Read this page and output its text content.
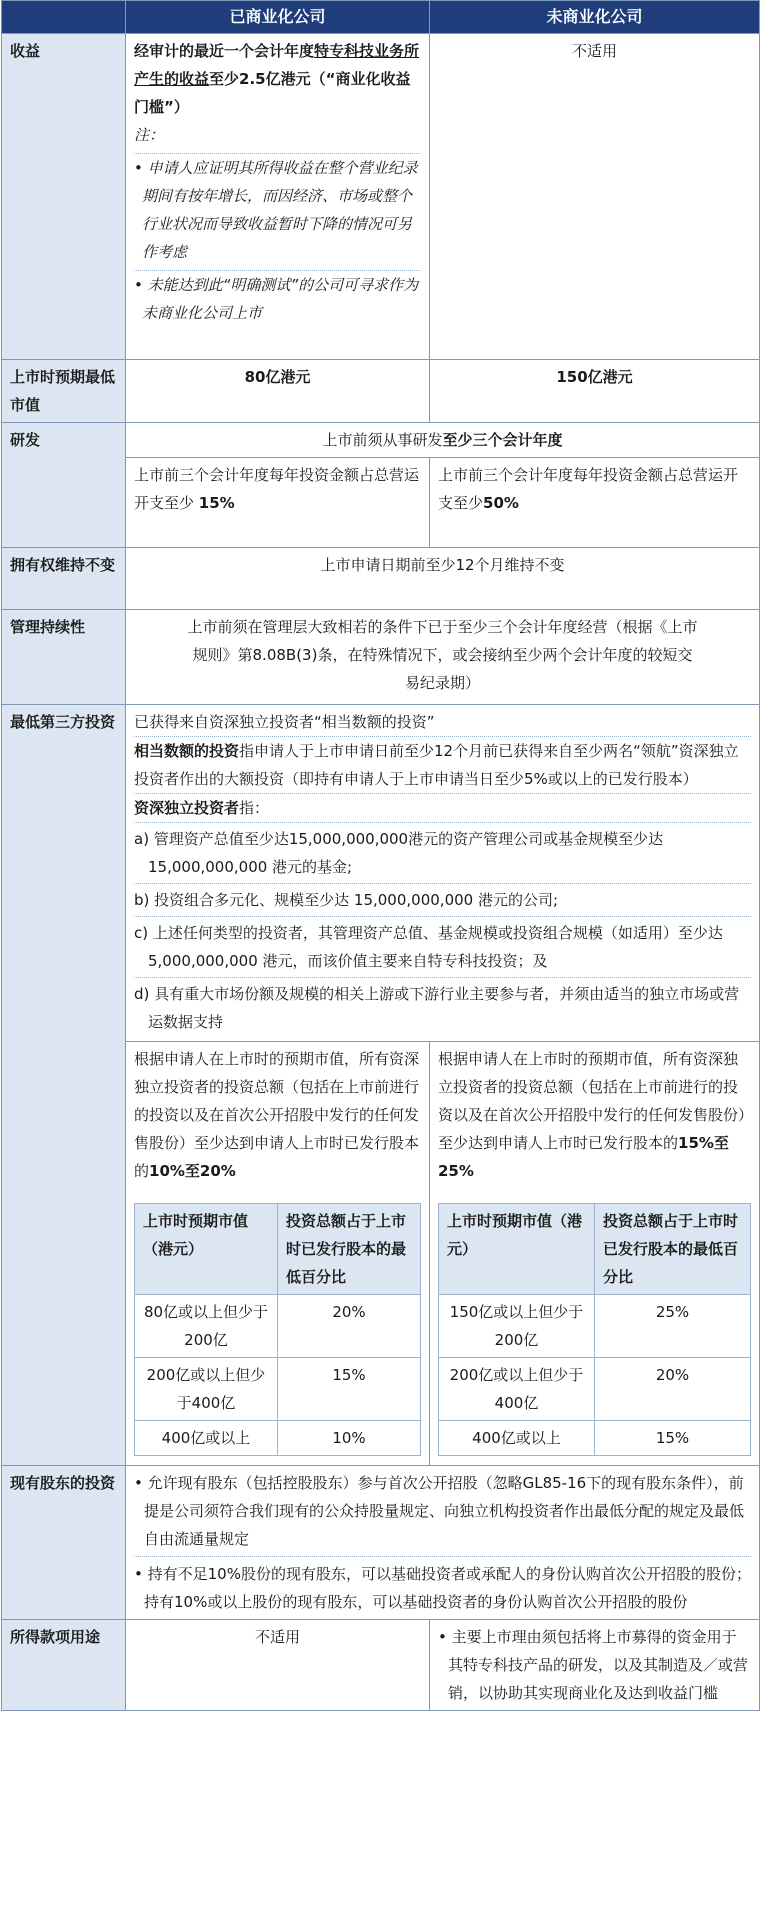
	已商业化公司	未商业化公司
收益	经审计的最近一个会计年度特专科技业务所产生的收益至少2.5亿港元（“商业化收益门槛”）
注：
• 申请人应证明其所得收益在整个营业纪录期间有按年增长，而因经济、市场或整个行业状况而导致收益暂时下降的情况可另作考虑
• 未能达到此“明确测试”的公司可寻求作为未商业化公司上市
	不适用
上市时预期最低市值	80亿港元	150亿港元
研发	上市前须从事研发至少三个会计年度
上市前三个会计年度每年投资金额占总营运开支至少 15%	上市前三个会计年度每年投资金额占总营运开支至少50%
拥有权维持不变	上市申请日期前至少12个月维持不变
管理持续性	上市前须在管理层大致相若的条件下已于至少三个会计年度经营（根据《上市规则》第8.08B(3)条，在特殊情况下，或会接纳至少两个会计年度的较短交易纪录期）
最低第三方投资	已获得来自资深独立投资者“相当数额的投资”
相当数额的投资指申请人于上市申请日前至少12个月前已获得来自至少两名“领航”资深独立投资者作出的大额投资（即持有申请人于上市申请当日至少5%或以上的已发行股本）
资深独立投资者指：
a) 管理资产总值至少达15,000,000,000港元的资产管理公司或基金规模至少达15,000,000,000 港元的基金;
b) 投资组合多元化、规模至少达 15,000,000,000 港元的公司;
c) 上述任何类型的投资者，其管理资产总值、基金规模或投资组合规模（如适用）至少达 5,000,000,000 港元，而该价值主要来自特专科技投资；及
d) 具有重大市场份额及规模的相关上游或下游行业主要参与者，并须由适当的独立市场或营运数据支持

根据申请人在上市时的预期市值，所有资深独立投资者的投资总额（包括在上市前进行的投资以及在首次公开招股中发行的任何发售股份）至少达到申请人上市时已发行股本的10%至20%
上市时预期市值（港元）	投资总额占于上市时已发行股本的最低百分比
80亿或以上但少于200亿	20%
200亿或以上但少于400亿	15%
400亿或以上	10%

根据申请人在上市时的预期市值，所有资深独立投资者的投资总额（包括在上市前进行的投资以及在首次公开招股中发行的任何发售股份）至少达到申请人上市时已发行股本的15%至25%
上市时预期市值（港元）	投资总额占于上市时已发行股本的最低百分比
150亿或以上但少于200亿	25%
200亿或以上但少于400亿	20%
400亿或以上	15%

现有股东的投资	• 允许现有股东（包括控股股东）参与首次公开招股（忽略GL85-16下的现有股东条件），前提是公司须符合我们现有的公众持股量规定、向独立机构投资者作出最低分配的规定及最低自由流通量规定
• 持有不足10%股份的现有股东，可以基础投资者或承配人的身份认购首次公开招股的股份；持有10%或以上股份的现有股东，可以基础投资者的身份认购首次公开招股的股份

所得款项用途	不适用	• 主要上市理由须包括将上市募得的资金用于其特专科技产品的研发，以及其制造及／或营销，以协助其实现商业化及达到收益门槛
